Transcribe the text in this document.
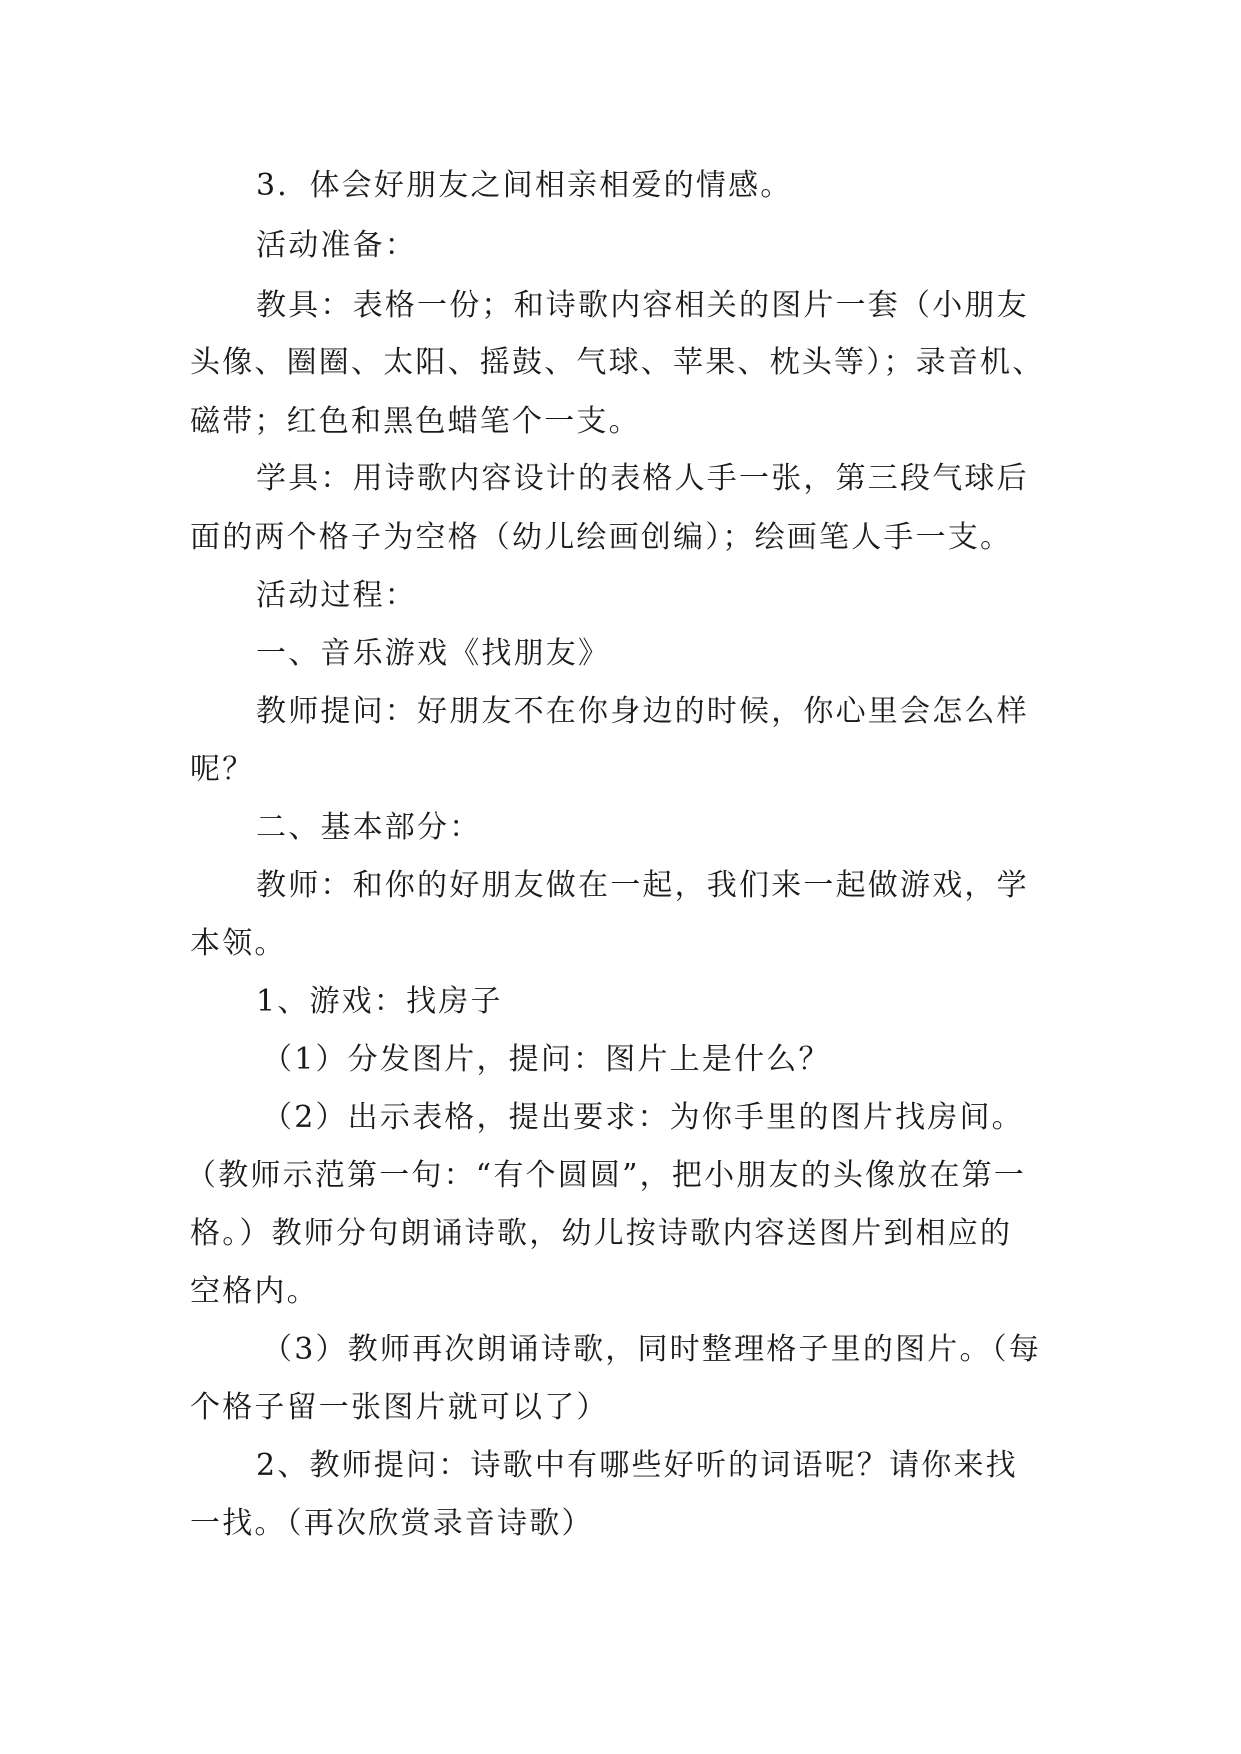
3．体会好朋友之间相亲相爱的情感。
活动准备：
教具：表格一份；和诗歌内容相关的图片一套（小朋友
头像、圈圈、太阳、摇鼓、气球、苹果、枕头等）；录音机、
磁带；红色和黑色蜡笔个一支。
学具：用诗歌内容设计的表格人手一张，第三段气球后
面的两个格子为空格（幼儿绘画创编）；绘画笔人手一支。
活动过程：
一、音乐游戏《找朋友》
教师提问：好朋友不在你身边的时候，你心里会怎么样
呢？
二、基本部分：
教师：和你的好朋友做在一起，我们来一起做游戏，学
本领。
1、游戏：找房子
（1）分发图片，提问：图片上是什么？
（2）出示表格，提出要求：为你手里的图片找房间。
（教师示范第一句：“有个圆圆”，把小朋友的头像放在第一
格。）教师分句朗诵诗歌，幼儿按诗歌内容送图片到相应的
空格内。
（3）教师再次朗诵诗歌，同时整理格子里的图片。（每
个格子留一张图片就可以了）
2、教师提问：诗歌中有哪些好听的词语呢？请你来找
一找。（再次欣赏录音诗歌）
